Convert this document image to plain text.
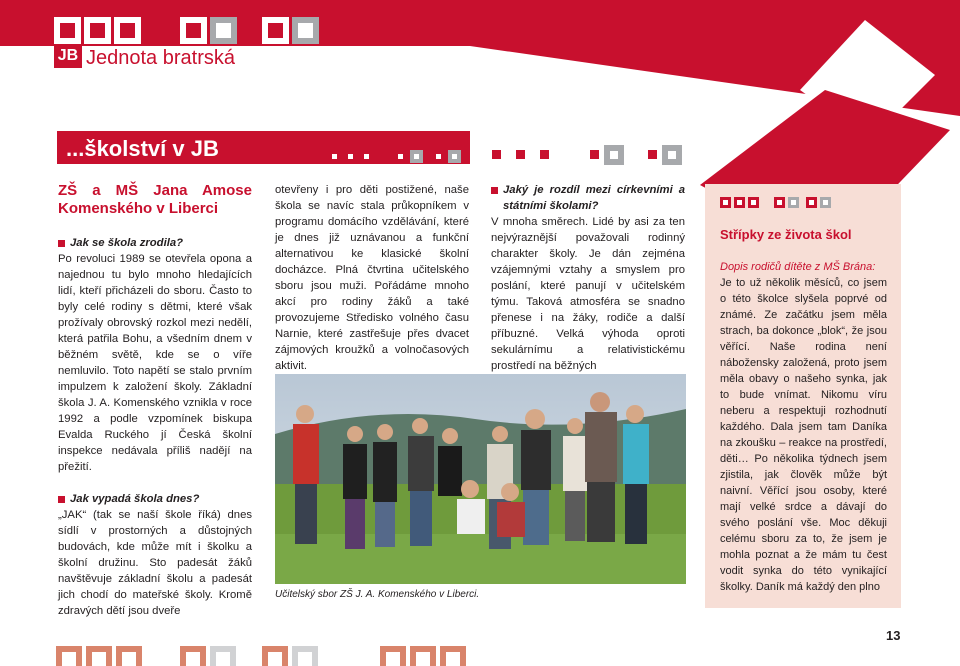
JB Jednota bratrská
...školství v JB

ZŠ a MŠ Jana Amose Komenského v Liberci

Jak se škola zrodila?

Po revoluci 1989 se otevřela opona a najednou tu bylo mnoho hledajících lidí, kteří přicházeli do sboru. Často to byly celé rodiny s dětmi, které však prožívaly obrovský rozkol mezi nedělí, která patřila Bohu, a všedním dnem v běžném světě, kde se o víře nemluvilo. Toto napětí se stalo prvním impulzem k založení školy. Základní škola J. A. Komenského vznikla v roce 1992 a podle vzpomínek biskupa Evalda Ruckého jí Česká školní inspekce nedávala příliš nadějí na přežití.

Jak vypadá škola dnes?

„JAK“ (tak se naší škole říká) dnes sídlí v prostorných a důstojných budovách, kde může mít i školku a školní družinu. Sto padesát žáků navštěvuje základní školu a padesát jich chodí do mateřské školy. Kromě zdravých dětí jsou dveře

otevřeny i pro děti postižené, naše škola se navíc stala průkopníkem v programu domácího vzdělávání, které je dnes již uznávanou a funkční alternativou ke klasické školní docházce. Plná čtvrtina učitelského sboru jsou muži. Pořádáme mnoho akcí pro rodiny žáků a také provozujeme Středisko volného času Narnie, které zastřešuje přes dvacet zájmových kroužků a volnočasových aktivit.

Jaký je rozdíl mezi církevními a státními školami?

V mnoha směrech. Lidé by asi za ten nejvýraznější považovali rodinný charakter školy. Je dán zejména vzájemnými vztahy a smyslem pro poslání, které panují v učitelském týmu. Taková atmosféra se snadno přenese i na žáky, rodiče a další příbuzné. Velká výhoda oproti sekulárnímu a relativistickému prostředí na běžných

Učitelský sbor ZŠ J. A. Komenského v Liberci.
Střípky ze života škol
Dopis rodičů dítěte z MŠ Brána:
Je to už několik měsíců, co jsem o této školce slyšela poprvé od známé. Ze začátku jsem měla strach, ba dokonce „blok“, že jsou věřící. Naše rodina není nábožensky založená, proto jsem měla obavy o našeho synka, jak to bude vnímat. Nikomu víru neberu a respektuji rozhodnutí každého. Dala jsem tam Daníka na zkoušku – reakce na prostředí, děti… Po několika týdnech jsem zjistila, jak člověk může být naivní. Věřící jsou osoby, které mají velké srdce a dávají do svého poslání vše. Moc děkuji celému sboru za to, že jsem je mohla poznat a že mám tu čest vodit synka do této vynikající školky. Daník má každý den plno
13
